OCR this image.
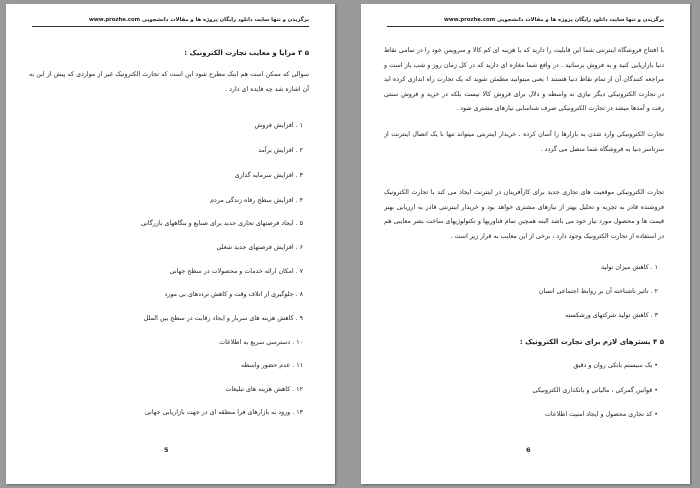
برگزیدن و تنها سایت دانلود رایگان پروژه ها و مقالات دانشجویی www.prozhe.com
۵ ۳ مزایا و معایب تجارت الکترونیک :
سوالی که ممکن است هم اینک مطرح شود این است که تجارت الکترونیک غیر از مواردی که پیش از این به آن اشاره شد چه فایده ای دارد .
۱ . افزایش فروش
۲ . افزایش برآمد
۳ . افزایش سرمایه گذاری
۴ . افزایش سطح رفاه زندگی مردم
۵ . ایجاد فرصتهای تجاری جدید برای صنایع و بنگاههای بازرگانی
۶ . افزایش فرصتهای جدید شغلی
۷ . امکان ارائه خدمات و محصولات در سطح جهانی
۸ . جلوگیری از اتلاف وقت و کاهش ترددهای بی مورد
۹ . کاهش هزینه های سربار و ایجاد رقابت در سطح بین الملل
۱۰ . دسترسی سریع به اطلاعات
۱۱ . عدم حضور واسطه
۱۲ . کاهش هزینه های تبلیغات
۱۳ . ورود به بازارهای فرا منطقه ای در جهت بازاریابی جهانی
5
برگزیدن و تنها سایت دانلود رایگان پروژه ها و مقالات دانشجویی www.prozhe.com
با افتتاح فروشگاه اینترنتی شما این قابلیت را دارید که با هزینه ای کم کالا و سرویس خود را در تمامی نقاط دنیا بازاریابی کنید و به فروش برسانید . در واقع شما مغازه ای دارید که در کل زمان روز و شب باز است و مراجعه کنندگان آن از تمام نقاط دنیا هستند ! یعنی میتوانید مطمئن شوید که یک تجارت راه اندازی کرده اید در تجارت الکترونیکی دیگر نیازی به واسطه و دلال برای فروش کالا نیست بلکه در خرید و فروش سنتی رفت و آمدها میشد در تجارت الکترونیکی صرف شناسایی نیازهای مشتری شود .
تجارت الکترونیکی وارد شدن به بازارها را آسان کرده ، خریدار اینترنتی میتواند تنها با یک اتصال اینترنت از سرتاسر دنیا به فروشگاه شما متصل می گردد .
تجارت الکترونیکی موقعیت های تجاری جدید برای کارآفرینان در اینترنت ایجاد می کند با تجارت الکترونیک فروشنده قادر به تجربه و تحلیل بهتر از نیازهای مشتری خواهد بود و خریدار اینترنتی قادر به ارزیابی بهتر قیمت ها و محصول مورد نیاز خود می باشد البته همچین تمام فناوریها و تکنولوژیهای ساخت بشر معایبی هم در استفاده از تجارت الکترونیک وجود دارد ، برخی از این معایب به قرار زیر است .
۱ . کاهش میزان تولید
۲ . تاثیر ناشناخته آن بر روابط اجتماعی انسان
۳ . کاهش تولید شرکتهای ورشکسته
۵ ۴ بسترهای لازم برای تجارت الکترونیک :
• یک سیستم بانکی روان و دقیق
• قوانین گمرکی ، مالیاتی و بانکداری الکترونیکی
• کد تجاری محصول و ایجاد امنیت اطلاعات
6
